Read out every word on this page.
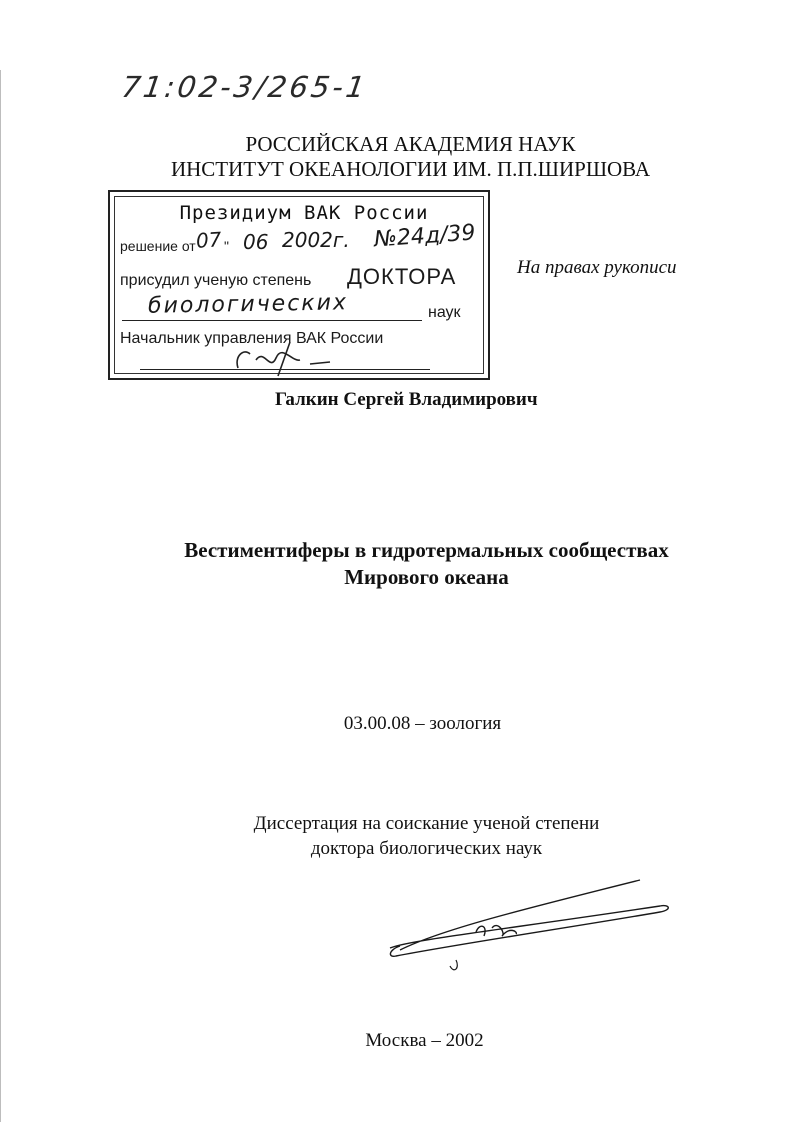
71:02-3/265-1
РОССИЙСКАЯ АКАДЕМИЯ НАУК
ИНСТИТУТ ОКЕАНОЛОГИИ ИМ. П.П.ШИРШОВА
Президиум ВАК России
решение от "
07 06 2002г. №24д/39
присудил ученую степень ДОКТОРА
биологических	наук
Начальник управления ВАК России
На правах рукописи
Галкин Сергей Владимирович
Вестиментиферы в гидротермальных сообществах
Мирового океана
03.00.08 – зоология
Диссертация на соискание ученой степени
доктора биологических наук
Москва – 2002
